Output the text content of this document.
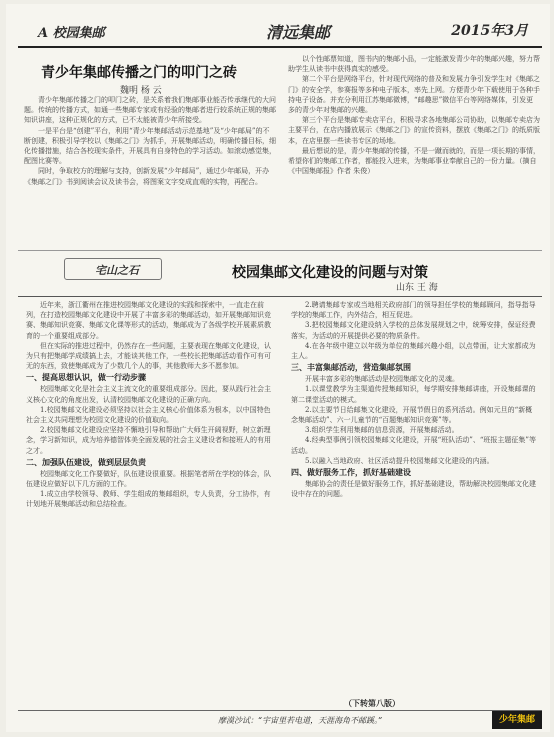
A 校园集邮	清远集邮	2015年3月
青少年集邮传播之门的叩门之砖
魏明 杨 云

青少年集邮传播之门的叩门之砖，是关系着我们集邮事业能否传承继代的大问题。传统的传播方式，如通一些集邮专家或有经验的集邮者进行较系统正规的集邮知识讲座，这种正规化的方式，已不太能被青少年所接受。

一是平台是“创建”平台，利用“青少年集邮活动示范基地”及“少年邮局”的不断创建，积极引导学校以《集邮之门》为抓手，开展集邮活动，明确传播目标，细化传播措施，结合各校现实条件，开展具有自身特色的学习活动。如滚动感觉集，配图比赛等。

同时，争取校方的理解与支持，创新发展“少年邮局”，通过少年邮局，开办《集邮之门》书到阅读会议及读书会，将图案文字变成直观的实物，再配合。

以个性邮票知道，图书内的集邮小品，一定能激发青少年的集邮兴趣，努力帮助学生从读书中获得真实的感受。

第二个平台是网络平台，针对现代网络的普及和发展力争引发学生对《集邮之门》的安全学，参赛报等多种电子版本，率先上网。方便青少年下载使用于各种手持电子设备。并充分利用江苏集邮微博，“邮趣思”微信平台等网络媒体，引发更多的青少年对集邮的兴趣。

第三个平台是集邮专卖店平台，积极寻求各地集邮公司协助，以集邮专卖店为主要平台，在店内播放展示《集邮之门》的宣传资料，摆放《集邮之门》的纸质版本，在店里摆一些读书专区的场地。

最后想说的是，青少年集邮的传播，不是一蹴而就的，而是一项长期的事情，希望你们的集邮工作者，都能投入进来，为集邮事业奉献自己的一份力量。（摘自《中国集邮报》作者 朱俊）

宅山之石	校园集邮文化建设的问题与对策
山东 王 海

近年来，浙江衢州在推进校园集邮文化建设的实践和探索中，一直走在前列，在打造校园集邮文化建设中开展了丰富多彩的集邮活动，如开展集邮知识竞赛、集邮知识竞赛、集邮文化课等形式的活动，集邮成为了各级学校开展素质教育的一个重要组成部分。

但在实际的推进过程中，仍然存在一些问题，主要表现在集邮文化建设，认为只有把集邮学成绩搞上去，才能谈其他工作，一些校长把集邮活动看作可有可无的东西，致使集邮成为了少数几个人的事，其他教师大多不愿参加。

一、提高思想认识，做一行动步骤

校园集邮文化是社会主义主流文化的重要组成部分。因此，要从践行社会主义核心文化的角度出发，认清校园集邮文化建设的正确方向。

1.校园集邮文化建设必须坚持以社会主义核心价值体系为根本，以中国特色社会主义共同理想为校园文化建设的价值取向。

2.校园集邮文化建设应坚持不懈地引导和帮助广大师生开阔视野，树立新理念，学习新知识，成为培养德智体美全面发展的社会主义建设者和接班人的有用之才。

二、加强队伍建设，做到层层负责

校园集邮文化工作要做好，队伍建设很重要。根据笔者所在学校的体会，队伍建设应做好以下几方面的工作。

1.成立由学校领导、教师、学生组成的集邮组织，专人负责，分工协作，有计划地开展集邮活动和总结检查。

2.聘请集邮专家或当地相关政府部门的领导担任学校的集邮顾问，指导指导学校的集邮工作，内外结合，相互促进。

3.把校园集邮文化建设纳入学校的总体发展规划之中，统筹安排，保证经费落实，为活动的开展提供必要的物质条件。

4.在各年级中建立以年级为单位的集邮兴趣小组，以点带面，让大家都成为主人。

三、丰富集邮活动，营造集邮氛围

开展丰富多彩的集邮活动是校园集邮文化的灵魂。

1.以课堂教学为主渠道传授集邮知识，每学期安排集邮讲座，开设集邮课的第二课堂活动的模式。

2.以主要节日给邮集文化建设，开展节假日的系列活动。例如元旦的“新概念集邮活动”、六一儿童节的“百题集邮知识竞赛”等。

3.组织学生利用集邮的信息资源，开展集邮活动。

4.经典型事例引领校园集邮文化建设，开展“班队活动”、“班报主题征集”等活动。

5.以融入当地政府、社区活动提升校园集邮文化建设的内涵。

四、做好服务工作，抓好基础建设

集邮协会的责任是做好服务工作，抓好基础建设，帮助解决校园集邮文化建设中存在的问题。

（下转第八版）
摩漠沙试：“宇宙里若电道，天涯海角不邮蹊。”	少年集邮
